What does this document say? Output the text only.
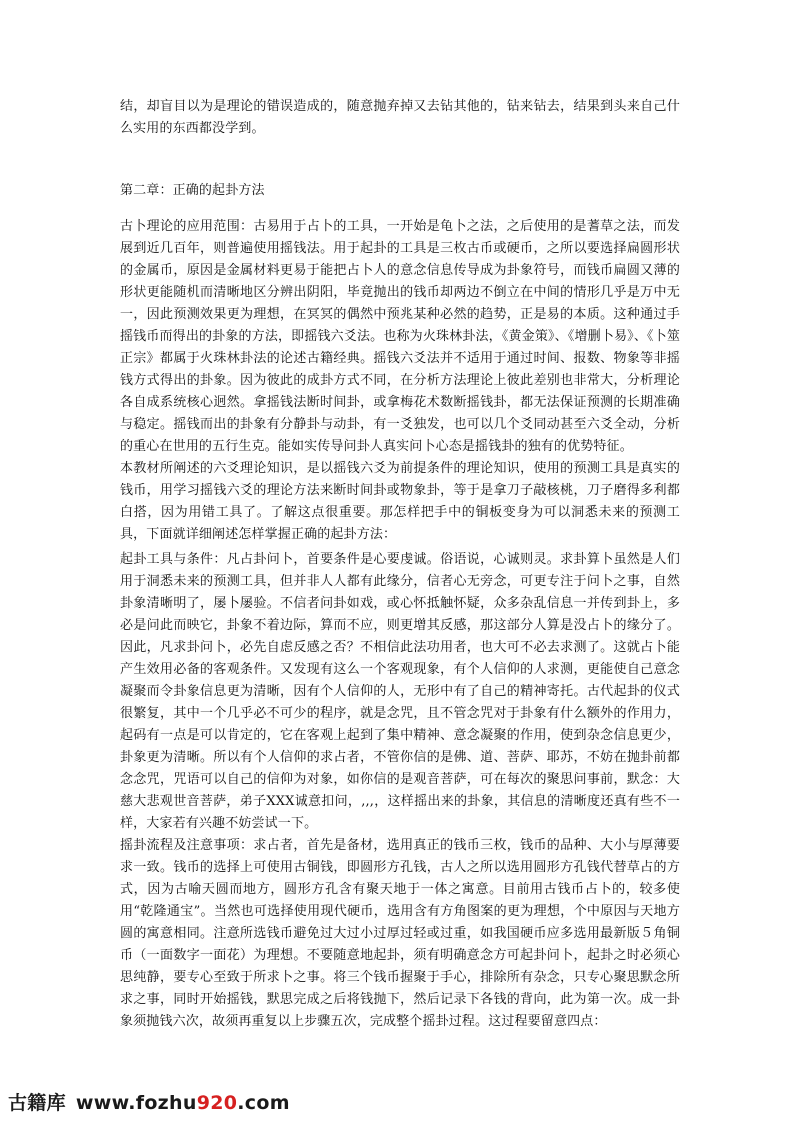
结，却盲目以为是理论的错误造成的，随意抛弃掉又去钻其他的，钻来钻去，结果到头来自己什么实用的东西都没学到。

第二章：正确的起卦方法

古卜理论的应用范围：古易用于占卜的工具，一开始是龟卜之法，之后使用的是蓍草之法，而发展到近几百年，则普遍使用摇钱法。用于起卦的工具是三枚古币或硬币，之所以要选择扁圆形状的金属币，原因是金属材料更易于能把占卜人的意念信息传导成为卦象符号，而钱币扁圆又薄的形状更能随机而清晰地区分辨出阴阳，毕竟抛出的钱币却两边不倒立在中间的情形几乎是万中无一，因此预测效果更为理想，在冥冥的偶然中预兆某种必然的趋势，正是易的本质。这种通过手摇钱币而得出的卦象的方法，即摇钱六爻法。也称为火珠林卦法，《黄金策》、《增删卜易》、《卜筮正宗》都属于火珠林卦法的论述古籍经典。摇钱六爻法并不适用于通过时间、报数、物象等非摇钱方式得出的卦象。因为彼此的成卦方式不同，在分析方法理论上彼此差别也非常大，分析理论各自成系统核心迥然。拿摇钱法断时间卦，或拿梅花术数断摇钱卦，都无法保证预测的长期准确与稳定。摇钱而出的卦象有分静卦与动卦，有一爻独发，也可以几个爻同动甚至六爻全动，分析的重心在世用的五行生克。能如实传导问卦人真实问卜心态是摇钱卦的独有的优势特征。

本教材所阐述的六爻理论知识，是以摇钱六爻为前提条件的理论知识，使用的预测工具是真实的钱币，用学习摇钱六爻的理论方法来断时间卦或物象卦，等于是拿刀子敲核桃，刀子磨得多利都白搭，因为用错工具了。了解这点很重要。那怎样把手中的铜板变身为可以洞悉未来的预测工具，下面就详细阐述怎样掌握正确的起卦方法：

起卦工具与条件：凡占卦问卜，首要条件是心要虔诚。俗语说，心诚则灵。求卦算卜虽然是人们用于洞悉未来的预测工具，但并非人人都有此缘分，信者心无旁念，可更专注于问卜之事，自然卦象清晰明了，屡卜屡验。不信者问卦如戏，或心怀抵触怀疑，众多杂乱信息一并传到卦上，多必是问此而映它，卦象不着边际，算而不应，则更增其反感，那这部分人算是没占卜的缘分了。因此，凡求卦问卜，必先自虑反感之否？不相信此法功用者，也大可不必去求测了。这就占卜能产生效用必备的客观条件。又发现有这么一个客观现象，有个人信仰的人求测，更能使自己意念凝聚而令卦象信息更为清晰，因有个人信仰的人，无形中有了自己的精神寄托。古代起卦的仪式很繁复，其中一个几乎必不可少的程序，就是念咒，且不管念咒对于卦象有什么额外的作用力，起码有一点是可以肯定的，它在客观上起到了集中精神、意念凝聚的作用，使到杂念信息更少，卦象更为清晰。所以有个人信仰的求占者，不管你信的是佛、道、菩萨、耶苏，不妨在抛卦前都念念咒，咒语可以自己的信仰为对象，如你信的是观音菩萨，可在每次的聚思问事前，默念：大慈大悲观世音菩萨，弟子XXX诚意扣问，,,,，这样摇出来的卦象，其信息的清晰度还真有些不一样，大家若有兴趣不妨尝试一下。

摇卦流程及注意事项：求占者，首先是备材，选用真正的钱币三枚，钱币的品种、大小与厚薄要求一致。钱币的选择上可使用古铜钱，即圆形方孔钱，古人之所以选用圆形方孔钱代替草占的方式，因为古喻天圆而地方，圆形方孔含有聚天地于一体之寓意。目前用古钱币占卜的，较多使用“乾隆通宝”。当然也可选择使用现代硬币，选用含有方角图案的更为理想，个中原因与天地方圆的寓意相同。注意所选钱币避免过大过小过厚过轻或过重，如我国硬币应多选用最新版５角铜币（一面数字一面花）为理想。不要随意地起卦，须有明确意念方可起卦问卜，起卦之时必须心思纯静，要专心至致于所求卜之事。将三个钱币握聚于手心，排除所有杂念，只专心聚思默念所求之事，同时开始摇钱，默思完成之后将钱抛下，然后记录下各钱的背向，此为第一次。成一卦象须抛钱六次，故须再重复以上步骤五次，完成整个摇卦过程。这过程要留意四点：

古籍库 www.fozhu920.com
